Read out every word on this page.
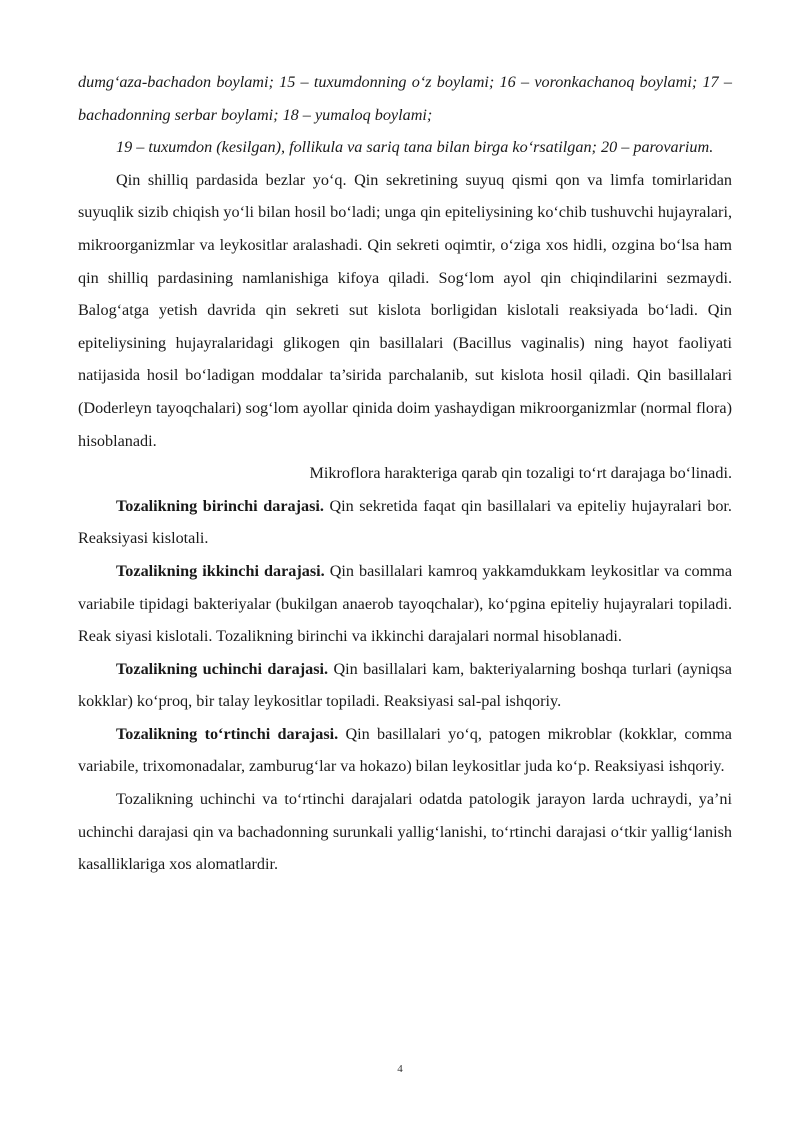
dumg‘aza-bachadon boylami; 15 – tuxumdonning o‘z boylami; 16 – voronkachanoq boylami; 17 – bachadonning serbar boylami; 18 – yumaloq boylami;

19 – tuxumdon (kesilgan), follikula va sariq tana bilan birga ko‘rsatilgan; 20 – parovarium.

Qin shilliq pardasida bezlar yo‘q. Qin sekretining suyuq qismi qon va limfa tomirlaridan suyuqlik sizib chiqish yo‘li bilan hosil bo‘ladi; unga qin epiteliysining ko‘chib tushuvchi hujayralari, mikroorganizmlar va leykositlar aralashadi. Qin sekreti oqimtir, o‘ziga xos hidli, ozgina bo‘lsa ham qin shilliq pardasining namlanishiga kifoya qiladi. Sog‘lom ayol qin chiqindilarini sezmaydi. Balog‘atga yetish davrida qin sekreti sut kislota borligidan kislotali reaksiyada bo‘ladi. Qin epiteliysining hujayralaridagi glikogen qin basillalari (Bacillus vaginalis) ning hayot faoliyati natijasida hosil bo‘ladigan moddalar ta’sirida parchalanib, sut kislota hosil qiladi. Qin basillalari (Doderleyn tayoqchalari) sog‘lom ayollar qinida doim yashaydigan mikroorganizmlar (normal flora) hisoblanadi.

Mikroflora harakteriga qarab qin tozaligi to‘rt darajaga bo‘linadi.

Tozalikning birinchi darajasi. Qin sekretida faqat qin basillalari va epiteliy hujayralari bor. Reaksiyasi kislotali.

Tozalikning ikkinchi darajasi. Qin basillalari kamroq yakkamdukkam leykositlar va comma variabile tipidagi bakteriyalar (bukilgan anaerob tayoqchalar), ko‘pgina epiteliy hujayralari topiladi. Reak siyasi kislotali. Tozalikning birinchi va ikkinchi darajalari normal hisoblanadi.

Tozalikning uchinchi darajasi. Qin basillalari kam, bakteriyalarning boshqa turlari (ayniqsa kokklar) ko‘proq, bir talay leykositlar topiladi. Reaksiyasi sal-pal ishqoriy.

Tozalikning to‘rtinchi darajasi. Qin basillalari yo‘q, patogen mikroblar (kokklar, comma variabile, trixomonadalar, zamburug‘lar va hokazo) bilan leykositlar juda ko‘p. Reaksiyasi ishqoriy.

Tozalikning uchinchi va to‘rtinchi darajalari odatda patologik jarayon larda uchraydi, ya’ni uchinchi darajasi qin va bachadonning surunkali yallig‘lanishi, to‘rtinchi darajasi o‘tkir yallig‘lanish kasalliklariga xos alomatlardir.

4
